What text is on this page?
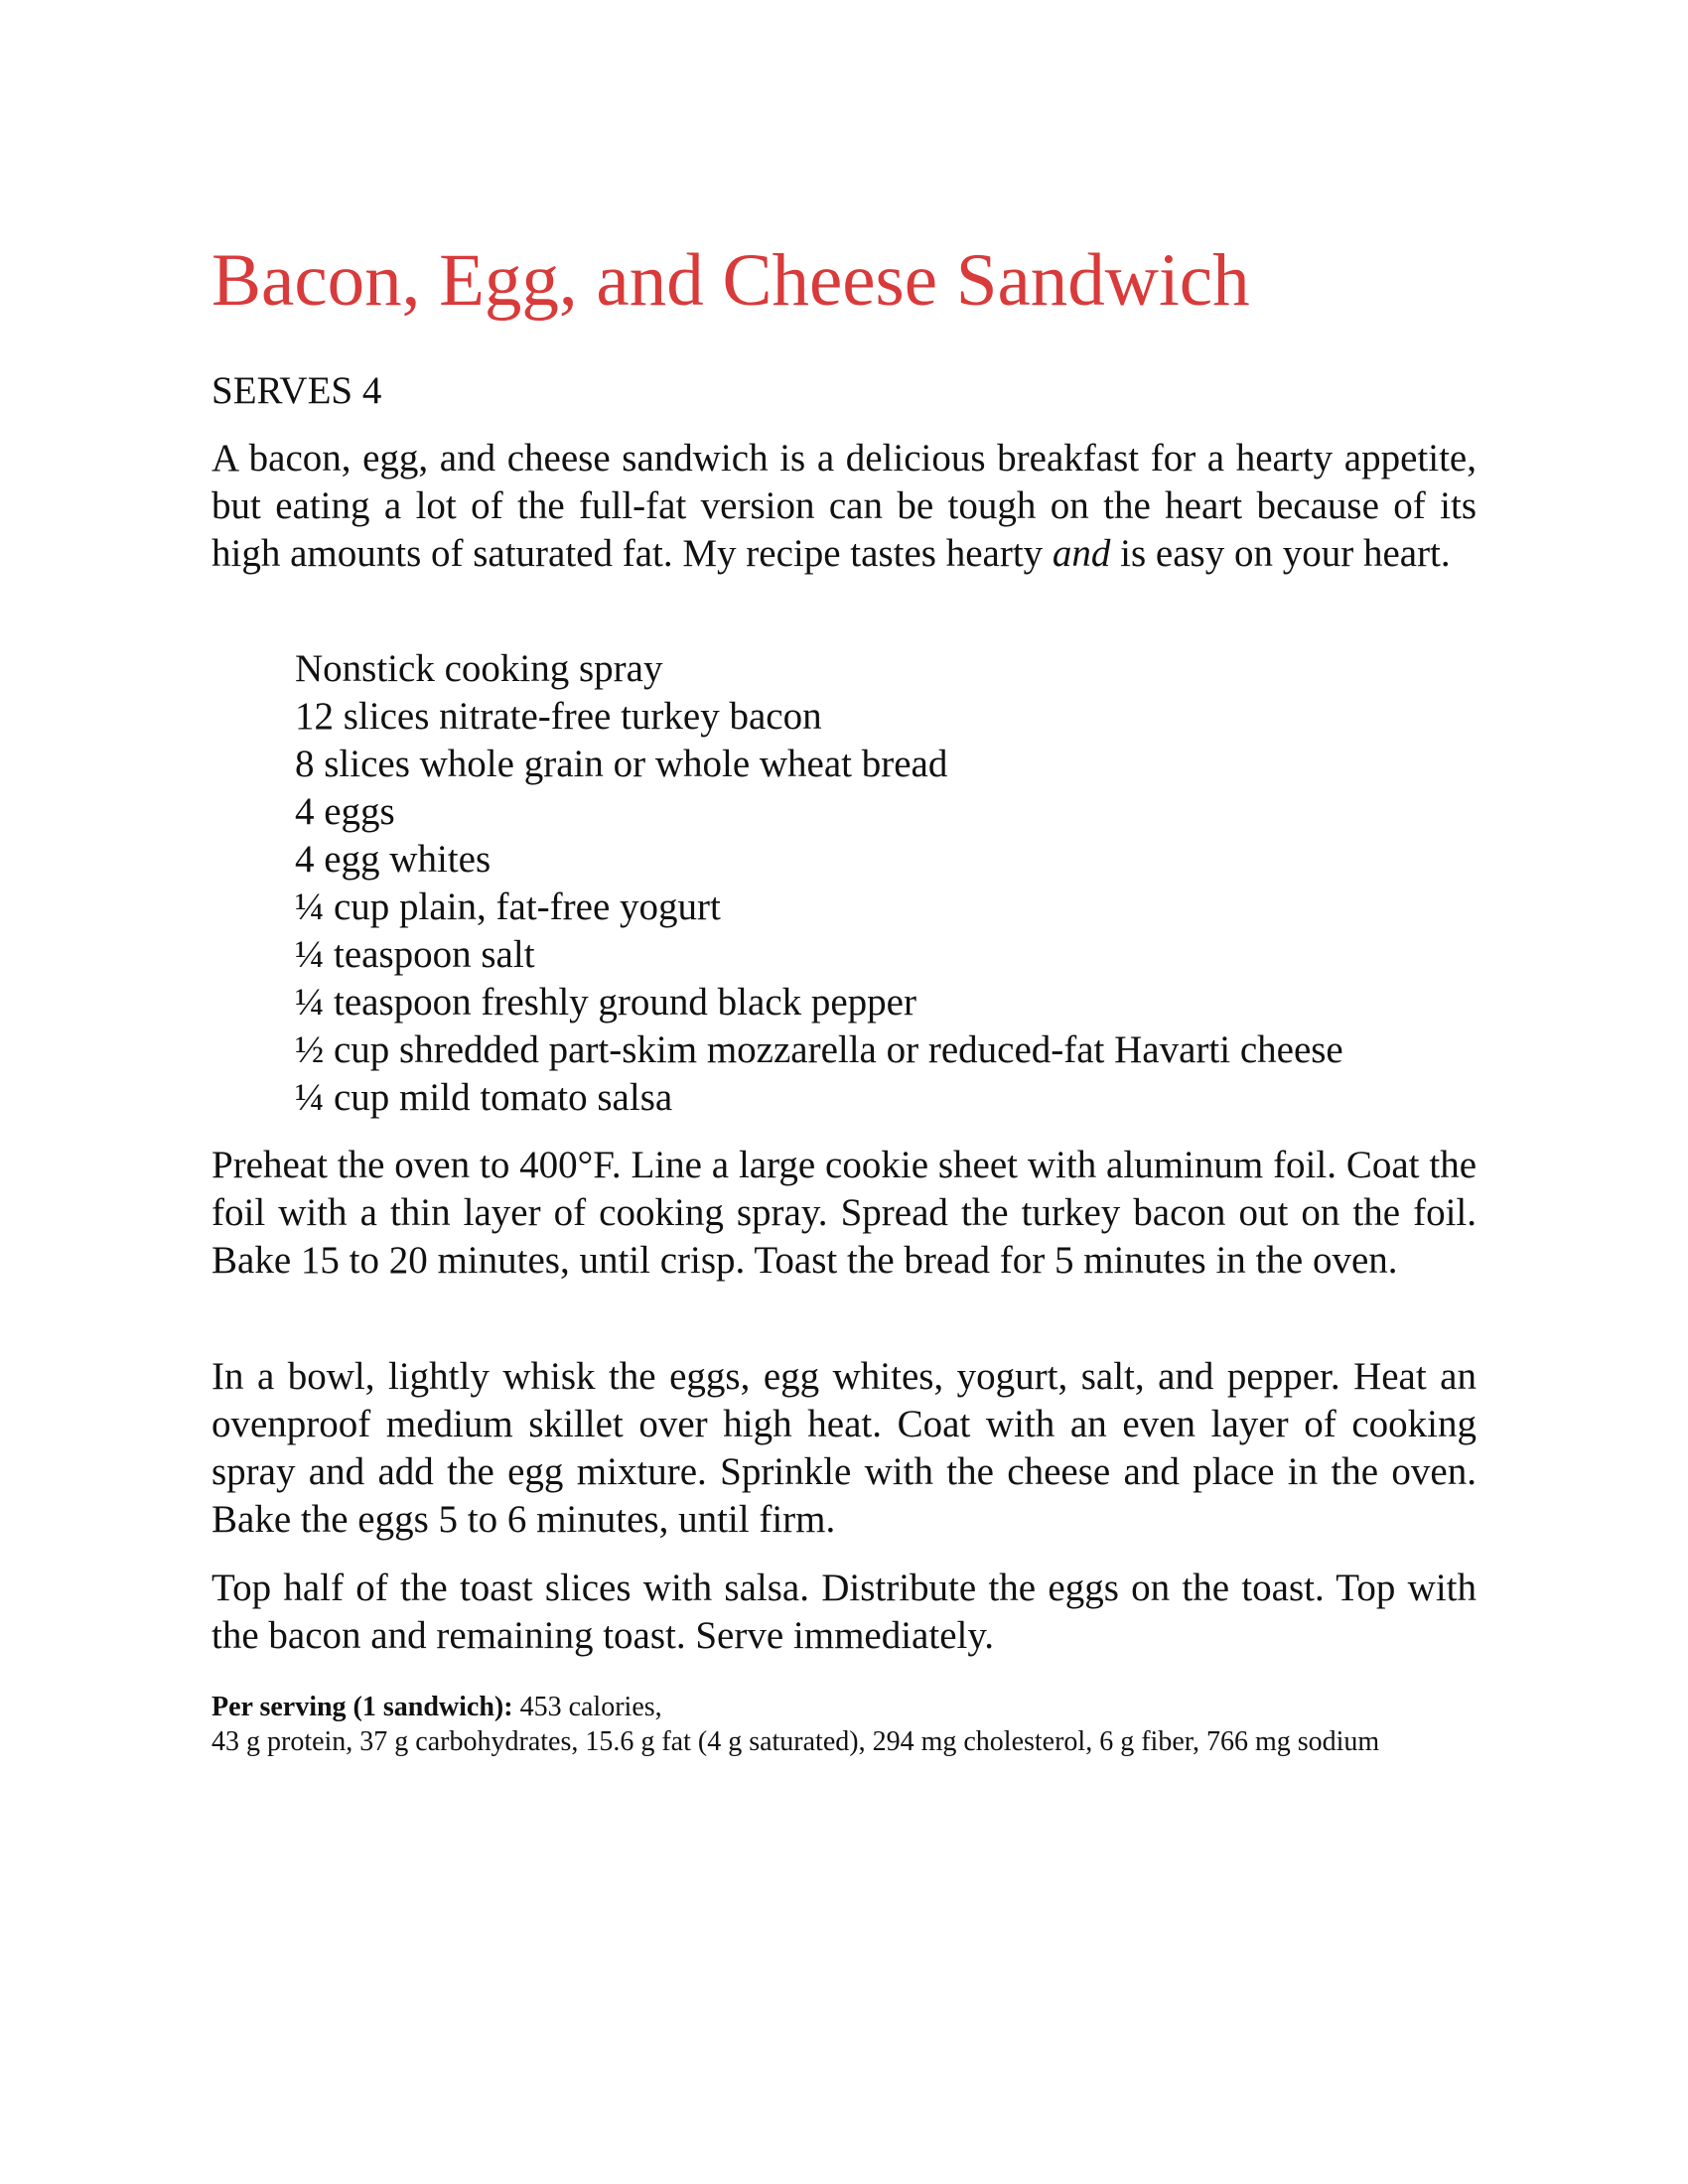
Bacon, Egg, and Cheese Sandwich

SERVES 4

A bacon, egg, and cheese sandwich is a delicious breakfast for a hearty appetite, but eating a lot of the full-fat version can be tough on the heart because of its high amounts of saturated fat. My recipe tastes hearty and is easy on your heart.

Nonstick cooking spray
12 slices nitrate-free turkey bacon
8 slices whole grain or whole wheat bread
4 eggs
4 egg whites
¼ cup plain, fat-free yogurt
¼ teaspoon salt
¼ teaspoon freshly ground black pepper
½ cup shredded part-skim mozzarella or reduced-fat Havarti cheese
¼ cup mild tomato salsa

Preheat the oven to 400°F. Line a large cookie sheet with aluminum foil. Coat the foil with a thin layer of cooking spray. Spread the turkey bacon out on the foil. Bake 15 to 20 minutes, until crisp. Toast the bread for 5 minutes in the oven.

In a bowl, lightly whisk the eggs, egg whites, yogurt, salt, and pepper. Heat an ovenproof medium skillet over high heat. Coat with an even layer of cooking spray and add the egg mixture. Sprinkle with the cheese and place in the oven. Bake the eggs 5 to 6 minutes, until firm.

Top half of the toast slices with salsa. Distribute the eggs on the toast. Top with the bacon and remaining toast. Serve immediately.

Per serving (1 sandwich): 453 calories,
43 g protein, 37 g carbohydrates, 15.6 g fat (4 g saturated), 294 mg cholesterol, 6 g fiber, 766 mg sodium
